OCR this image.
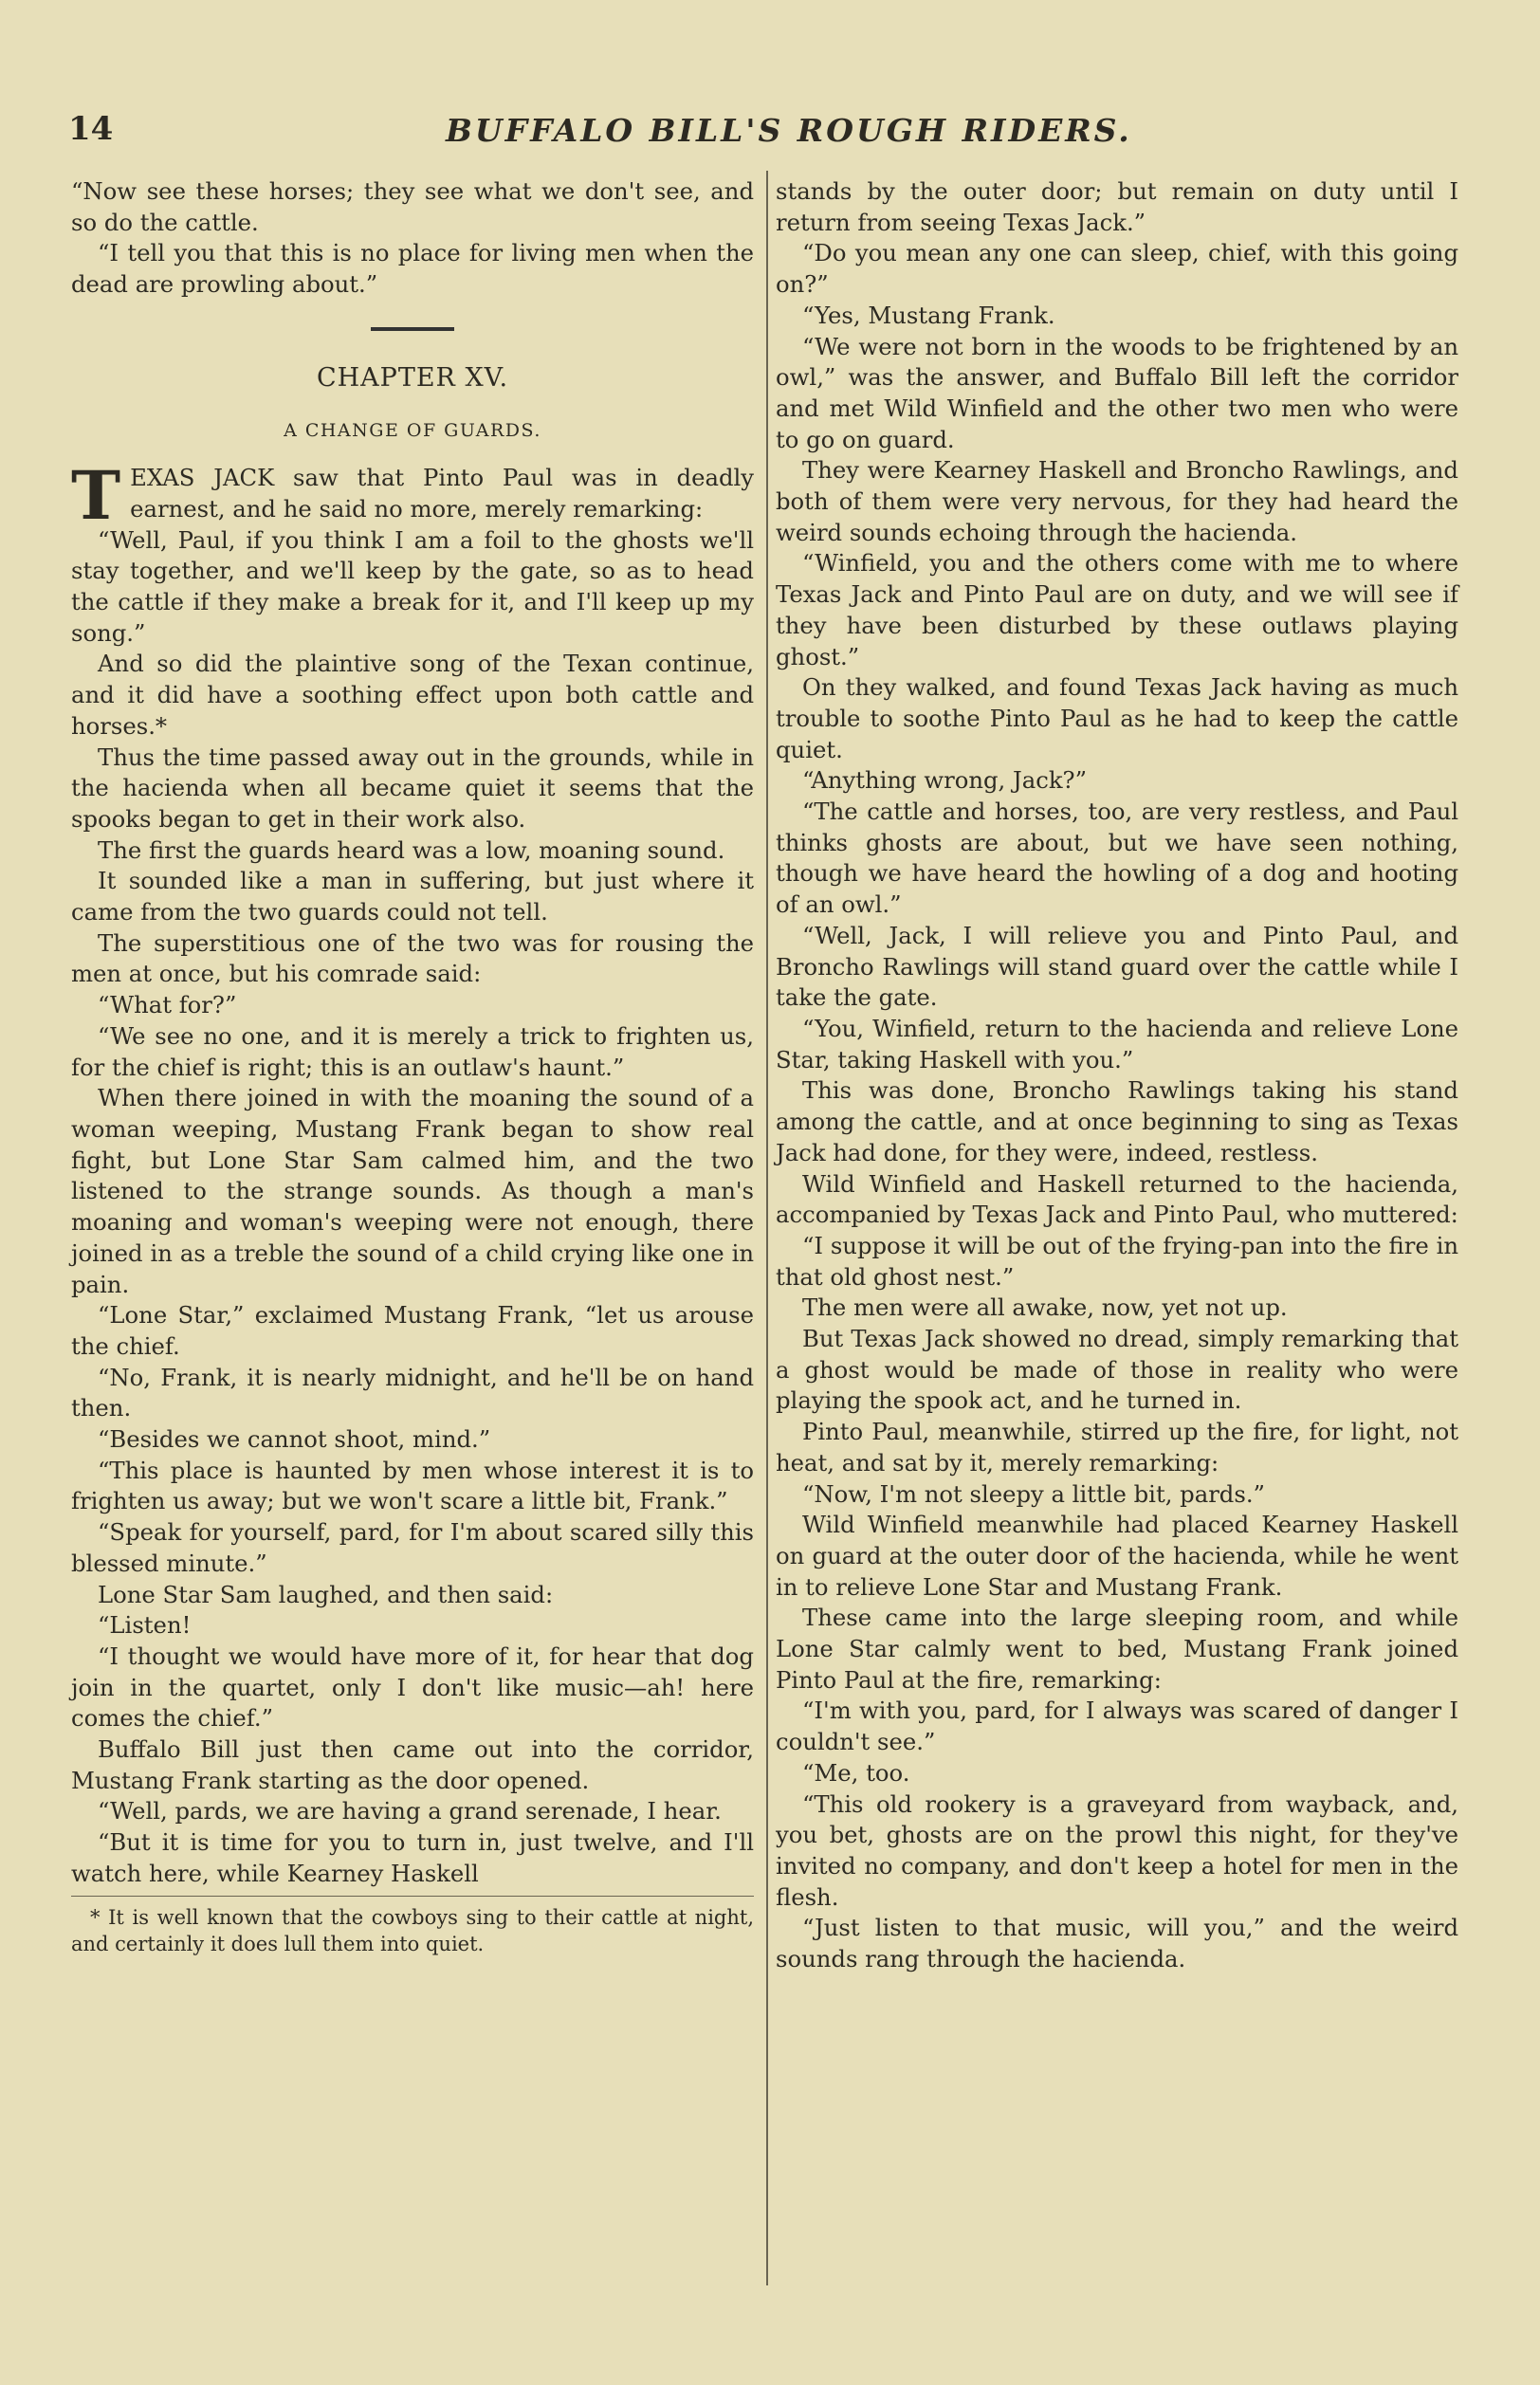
14	BUFFALO BILL'S ROUGH RIDERS.

“Now see these horses; they see what we don't see, and so do the cattle.

“I tell you that this is no place for living men when the dead are prowling about.”

CHAPTER XV.
A CHANGE OF GUARDS.

TEXAS JACK saw that Pinto Paul was in deadly earnest, and he said no more, merely remarking:

“Well, Paul, if you think I am a foil to the ghosts we'll stay together, and we'll keep by the gate, so as to head the cattle if they make a break for it, and I'll keep up my song.”

And so did the plaintive song of the Texan continue, and it did have a soothing effect upon both cattle and horses.*

Thus the time passed away out in the grounds, while in the hacienda when all became quiet it seems that the spooks began to get in their work also.

The first the guards heard was a low, moaning sound.

It sounded like a man in suffering, but just where it came from the two guards could not tell.

The superstitious one of the two was for rousing the men at once, but his comrade said:

“What for?”

“We see no one, and it is merely a trick to frighten us, for the chief is right; this is an outlaw's haunt.”

When there joined in with the moaning the sound of a woman weeping, Mustang Frank began to show real fight, but Lone Star Sam calmed him, and the two listened to the strange sounds. As though a man's moaning and woman's weeping were not enough, there joined in as a treble the sound of a child crying like one in pain.

“Lone Star,” exclaimed Mustang Frank, “let us arouse the chief.

“No, Frank, it is nearly midnight, and he'll be on hand then.

“Besides we cannot shoot, mind.”

“This place is haunted by men whose interest it is to frighten us away; but we won't scare a little bit, Frank.”

“Speak for yourself, pard, for I'm about scared silly this blessed minute.”

Lone Star Sam laughed, and then said:

“Listen!

“I thought we would have more of it, for hear that dog join in the quartet, only I don't like music—ah! here comes the chief.”

Buffalo Bill just then came out into the corridor, Mustang Frank starting as the door opened.

“Well, pards, we are having a grand serenade, I hear.

“But it is time for you to turn in, just twelve, and I'll watch here, while Kearney Haskell

* It is well known that the cowboys sing to their cattle at night, and certainly it does lull them into quiet.

stands by the outer door; but remain on duty until I return from seeing Texas Jack.”

“Do you mean any one can sleep, chief, with this going on?”

“Yes, Mustang Frank.

“We were not born in the woods to be frightened by an owl,” was the answer, and Buffalo Bill left the corridor and met Wild Winfield and the other two men who were to go on guard.

They were Kearney Haskell and Broncho Rawlings, and both of them were very nervous, for they had heard the weird sounds echoing through the hacienda.

“Winfield, you and the others come with me to where Texas Jack and Pinto Paul are on duty, and we will see if they have been disturbed by these outlaws playing ghost.”

On they walked, and found Texas Jack having as much trouble to soothe Pinto Paul as he had to keep the cattle quiet.

“Anything wrong, Jack?”

“The cattle and horses, too, are very restless, and Paul thinks ghosts are about, but we have seen nothing, though we have heard the howling of a dog and hooting of an owl.”

“Well, Jack, I will relieve you and Pinto Paul, and Broncho Rawlings will stand guard over the cattle while I take the gate.

“You, Winfield, return to the hacienda and relieve Lone Star, taking Haskell with you.”

This was done, Broncho Rawlings taking his stand among the cattle, and at once beginning to sing as Texas Jack had done, for they were, indeed, restless.

Wild Winfield and Haskell returned to the hacienda, accompanied by Texas Jack and Pinto Paul, who muttered:

“I suppose it will be out of the frying-pan into the fire in that old ghost nest.”

The men were all awake, now, yet not up.

But Texas Jack showed no dread, simply remarking that a ghost would be made of those in reality who were playing the spook act, and he turned in.

Pinto Paul, meanwhile, stirred up the fire, for light, not heat, and sat by it, merely remarking:

“Now, I'm not sleepy a little bit, pards.”

Wild Winfield meanwhile had placed Kearney Haskell on guard at the outer door of the hacienda, while he went in to relieve Lone Star and Mustang Frank.

These came into the large sleeping room, and while Lone Star calmly went to bed, Mustang Frank joined Pinto Paul at the fire, remarking:

“I'm with you, pard, for I always was scared of danger I couldn't see.”

“Me, too.

“This old rookery is a graveyard from wayback, and, you bet, ghosts are on the prowl this night, for they've invited no company, and don't keep a hotel for men in the flesh.

“Just listen to that music, will you,” and the weird sounds rang through the hacienda.
